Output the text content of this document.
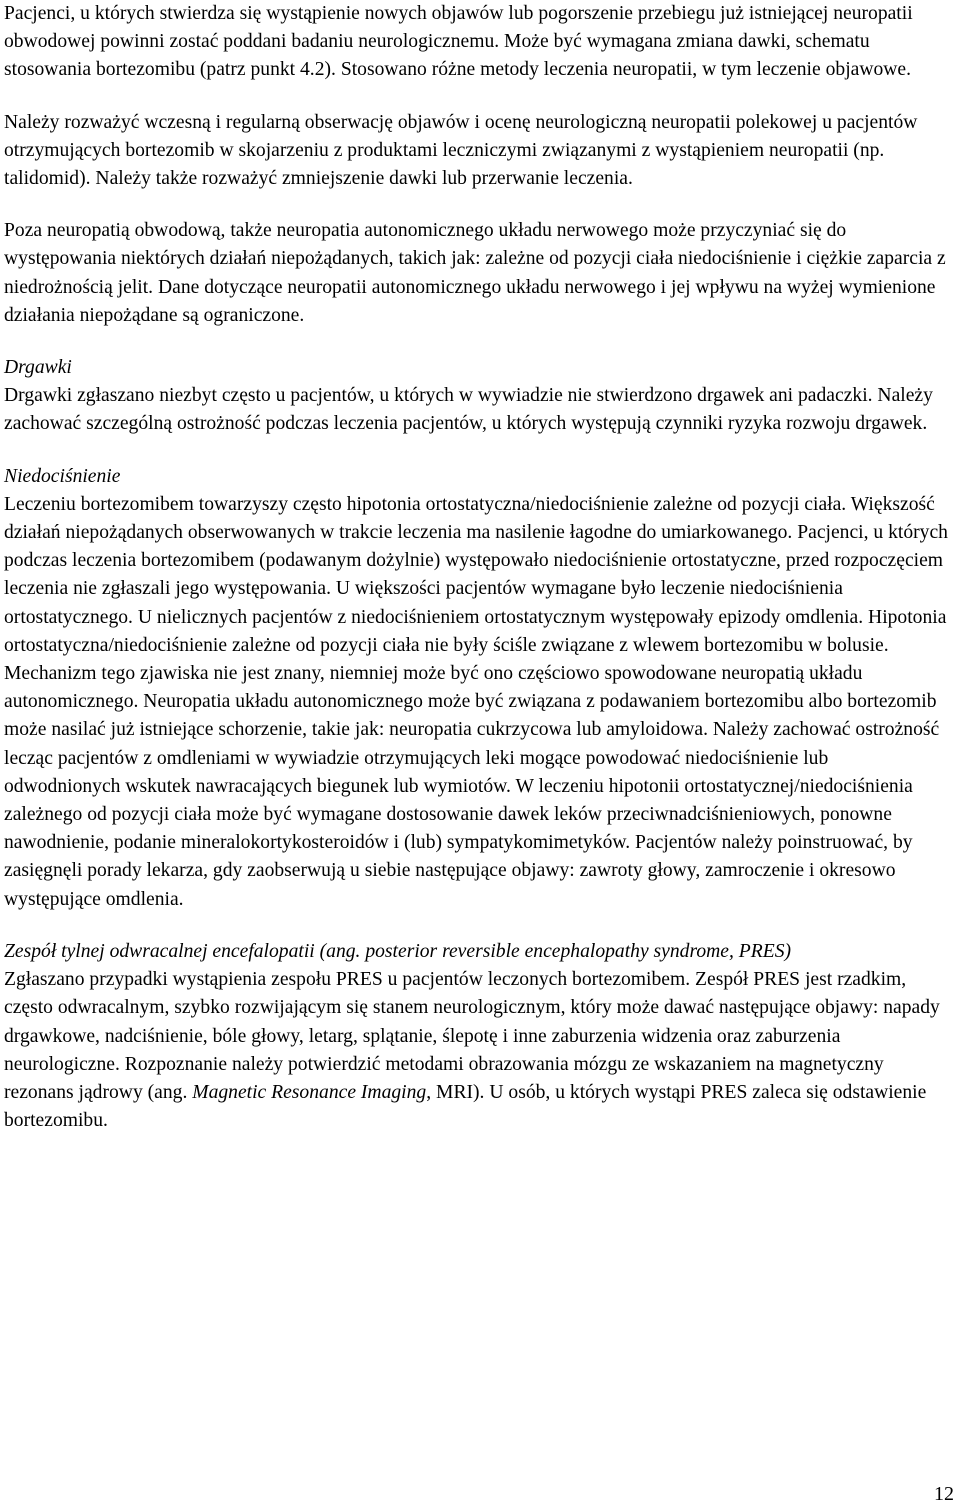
Pacjenci, u których stwierdza się wystąpienie nowych objawów lub pogorszenie przebiegu już istniejącej neuropatii obwodowej powinni zostać poddani badaniu neurologicznemu. Może być wymagana zmiana dawki, schematu stosowania bortezomibu (patrz punkt 4.2). Stosowano różne metody leczenia neuropatii, w tym leczenie objawowe.

Należy rozważyć wczesną i regularną obserwację objawów i ocenę neurologiczną neuropatii polekowej u pacjentów otrzymujących bortezomib w skojarzeniu z produktami leczniczymi związanymi z wystąpieniem neuropatii (np. talidomid). Należy także rozważyć zmniejszenie dawki lub przerwanie leczenia.

Poza neuropatią obwodową, także neuropatia autonomicznego układu nerwowego może przyczyniać się do występowania niektórych działań niepożądanych, takich jak: zależne od pozycji ciała niedociśnienie i ciężkie zaparcia z niedrożnością jelit. Dane dotyczące neuropatii autonomicznego układu nerwowego i jej wpływu na wyżej wymienione działania niepożądane są ograniczone.

Drgawki

Drgawki zgłaszano niezbyt często u pacjentów, u których w wywiadzie nie stwierdzono drgawek ani padaczki. Należy zachować szczególną ostrożność podczas leczenia pacjentów, u których występują czynniki ryzyka rozwoju drgawek.

Niedociśnienie

Leczeniu bortezomibem towarzyszy często hipotonia ortostatyczna/niedociśnienie zależne od pozycji ciała. Większość działań niepożądanych obserwowanych w trakcie leczenia ma nasilenie łagodne do umiarkowanego. Pacjenci, u których podczas leczenia bortezomibem (podawanym dożylnie) występowało niedociśnienie ortostatyczne, przed rozpoczęciem leczenia nie zgłaszali jego występowania. U większości pacjentów wymagane było leczenie niedociśnienia ortostatycznego. U nielicznych pacjentów z niedociśnieniem ortostatycznym występowały epizody omdlenia. Hipotonia ortostatyczna/niedociśnienie zależne od pozycji ciała nie były ściśle związane z wlewem bortezomibu w bolusie. Mechanizm tego zjawiska nie jest znany, niemniej może być ono częściowo spowodowane neuropatią układu autonomicznego. Neuropatia układu autonomicznego może być związana z podawaniem bortezomibu albo bortezomib może nasilać już istniejące schorzenie, takie jak: neuropatia cukrzycowa lub amyloidowa. Należy zachować ostrożność lecząc pacjentów z omdleniami w wywiadzie otrzymujących leki mogące powodować niedociśnienie lub odwodnionych wskutek nawracających biegunek lub wymiotów. W leczeniu hipotonii ortostatycznej/niedociśnienia zależnego od pozycji ciała może być wymagane dostosowanie dawek leków przeciwnadciśnieniowych, ponowne nawodnienie, podanie mineralokortykosteroidów i (lub) sympatykomimetyków. Pacjentów należy poinstruować, by zasięgnęli porady lekarza, gdy zaobserwują u siebie następujące objawy: zawroty głowy, zamroczenie i okresowo występujące omdlenia.

Zespół tylnej odwracalnej encefalopatii (ang. posterior reversible encephalopathy syndrome, PRES)

Zgłaszano przypadki wystąpienia zespołu PRES u pacjentów leczonych bortezomibem. Zespół PRES jest rzadkim, często odwracalnym, szybko rozwijającym się stanem neurologicznym, który może dawać następujące objawy: napady drgawkowe, nadciśnienie, bóle głowy, letarg, splątanie, ślepotę i inne zaburzenia widzenia oraz zaburzenia neurologiczne. Rozpoznanie należy potwierdzić metodami obrazowania mózgu ze wskazaniem na magnetyczny rezonans jądrowy (ang. Magnetic Resonance Imaging, MRI). U osób, u których wystąpi PRES zaleca się odstawienie bortezomibu.

12
